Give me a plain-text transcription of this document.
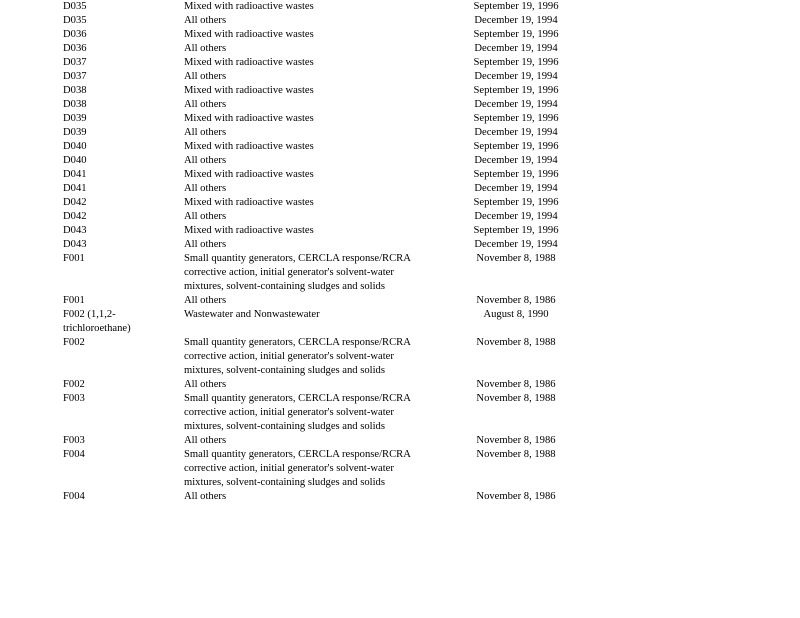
D035	Mixed with radioactive wastes	September 19, 1996

D035	All others	December 19, 1994

D036	Mixed with radioactive wastes	September 19, 1996

D036	All others	December 19, 1994

D037	Mixed with radioactive wastes	September 19, 1996

D037	All others	December 19, 1994

D038	Mixed with radioactive wastes	September 19, 1996

D038	All others	December 19, 1994

D039	Mixed with radioactive wastes	September 19, 1996

D039	All others	December 19, 1994

D040	Mixed with radioactive wastes	September 19, 1996

D040	All others	December 19, 1994

D041	Mixed with radioactive wastes	September 19, 1996

D041	All others	December 19, 1994

D042	Mixed with radioactive wastes	September 19, 1996

D042	All others	December 19, 1994

D043	Mixed with radioactive wastes	September 19, 1996

D043	All others	December 19, 1994

F001	Small quantity generators, CERCLA response/RCRA
corrective action, initial generator's solvent-water
mixtures, solvent-containing sludges and solids	November 8, 1988

F001	All others	November 8, 1986

F002 (1,1,2-
trichloroethane)	Wastewater and Nonwastewater	August 8, 1990

F002	Small quantity generators, CERCLA response/RCRA
corrective action, initial generator's solvent-water
mixtures, solvent-containing sludges and solids	November 8, 1988

F002	All others	November 8, 1986

F003	Small quantity generators, CERCLA response/RCRA
corrective action, initial generator's solvent-water
mixtures, solvent-containing sludges and solids	November 8, 1988

F003	All others	November 8, 1986

F004	Small quantity generators, CERCLA response/RCRA
corrective action, initial generator's solvent-water
mixtures, solvent-containing sludges and solids	November 8, 1988

F004	All others	November 8, 1986
